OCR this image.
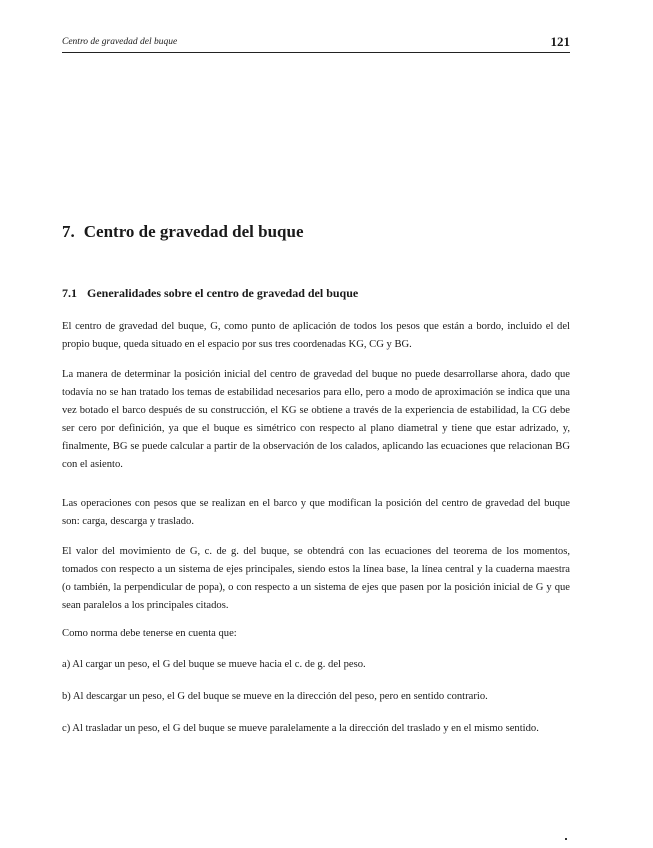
Centro de gravedad del buque	121
7. Centro de gravedad del buque
7.1 Generalidades sobre el centro de gravedad del buque

El centro de gravedad del buque, G, como punto de aplicación de todos los pesos que están a bordo, incluido el del propio buque, queda situado en el espacio por sus tres coordenadas KG, CG y BG.

La manera de determinar la posición inicial del centro de gravedad del buque no puede desarrollarse ahora, dado que todavía no se han tratado los temas de estabilidad necesarios para ello, pero a modo de aproximación se indica que una vez botado el barco después de su construcción, el KG se obtiene a través de la experiencia de estabilidad, la CG debe ser cero por definición, ya que el buque es simétrico con respecto al plano diametral y tiene que estar adrizado, y, finalmente, BG se puede calcular a partir de la observación de los calados, aplicando las ecuaciones que relacionan BG con el asiento.

Las operaciones con pesos que se realizan en el barco y que modifican la posición del centro de gravedad del buque son: carga, descarga y traslado.

El valor del movimiento de G, c. de g. del buque, se obtendrá con las ecuaciones del teorema de los momentos, tomados con respecto a un sistema de ejes principales, siendo estos la línea base, la línea central y la cuaderna maestra (o también, la perpendicular de popa), o con respecto a un sistema de ejes que pasen por la posición inicial de G y que sean paralelos a los principales citados.

Como norma debe tenerse en cuenta que:

a) Al cargar un peso, el G del buque se mueve hacia el c. de g. del peso.

b) Al descargar un peso, el G del buque se mueve en la dirección del peso, pero en sentido contrario.

c) Al trasladar un peso, el G del buque se mueve paralelamente a la dirección del traslado y en el mismo sentido.
